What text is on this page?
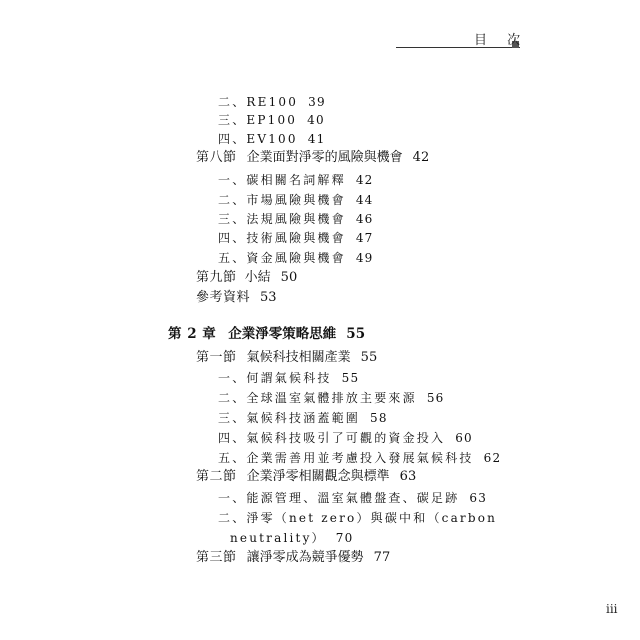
目 次
二、RE100 39
三、EP100 40
四、EV100 41
第八節 企業面對淨零的風險與機會 42
一、碳相關名詞解釋 42
二、市場風險與機會 44
三、法規風險與機會 46
四、技術風險與機會 47
五、資金風險與機會 49
第九節 小結 50
參考資料 53
第 2 章 企業淨零策略思維 55
第一節 氣候科技相關產業 55
一、何謂氣候科技 55
二、全球溫室氣體排放主要來源 56
三、氣候科技涵蓋範圍 58
四、氣候科技吸引了可觀的資金投入 60
五、企業需善用並考慮投入發展氣候科技 62
第二節 企業淨零相關觀念與標準 63
一、能源管理、溫室氣體盤查、碳足跡 63
二、淨零（net zero）與碳中和（carbon
neutrality） 70
第三節 讓淨零成為競爭優勢 77
iii
